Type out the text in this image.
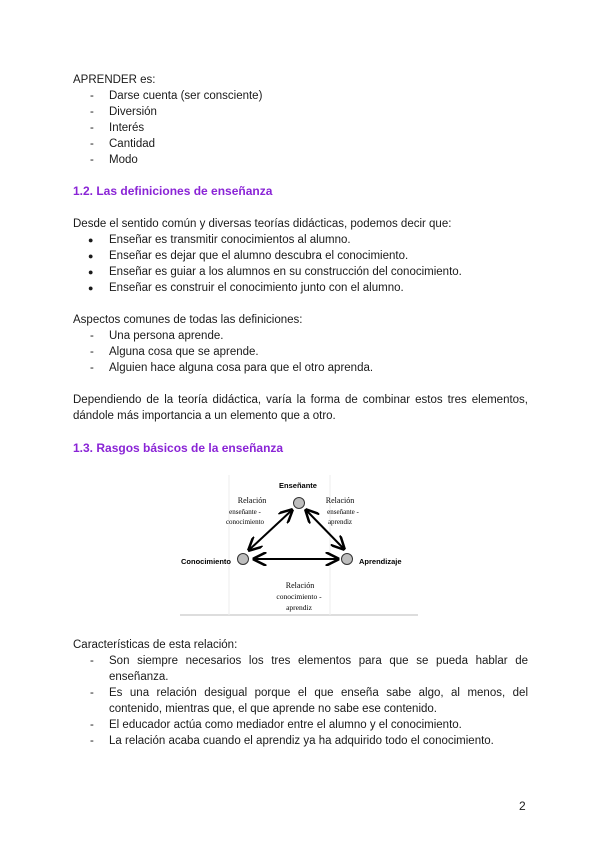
APRENDER es:
- Darse cuenta (ser consciente)
- Diversión
- Interés
- Cantidad
- Modo
1.2. Las definiciones de enseñanza
Desde el sentido común y diversas teorías didácticas, podemos decir que:
● Enseñar es transmitir conocimientos al alumno.
● Enseñar es dejar que el alumno descubra el conocimiento.
● Enseñar es guiar a los alumnos en su construcción del conocimiento.
● Enseñar es construir el conocimiento junto con el alumno.
Aspectos comunes de todas las definiciones:
- Una persona aprende.
- Alguna cosa que se aprende.
- Alguien hace alguna cosa para que el otro aprenda.
Dependiendo de la teoría didáctica, varía la forma de combinar estos tres elementos, dándole más importancia a un elemento que a otro.
1.3. Rasgos básicos de la enseñanza
Enseñante
Conocimiento	Aprendizaje
Relación
enseñante -
conocimiento
Relación
enseñante -
aprendiz
Relación
conocimiento -
aprendiz
Características de esta relación:
- Son siempre necesarios los tres elementos para que se pueda hablar de enseñanza.
- Es una relación desigual porque el que enseña sabe algo, al menos, del contenido, mientras que, el que aprende no sabe ese contenido.
- El educador actúa como mediador entre el alumno y el conocimiento.
- La relación acaba cuando el aprendiz ya ha adquirido todo el conocimiento.
2
